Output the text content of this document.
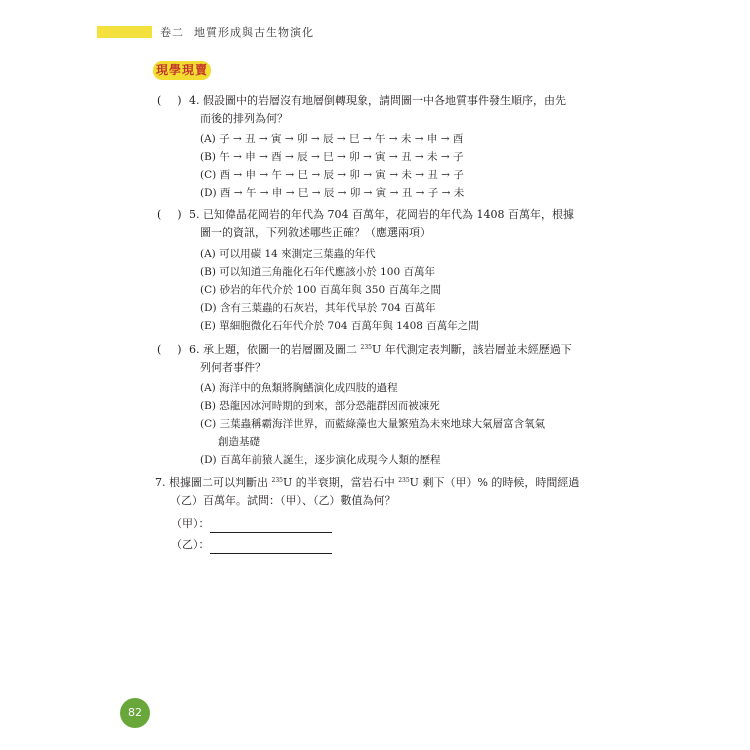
卷二 地質形成與古生物演化
現學現賣
( ) 4. 假設圖中的岩層沒有地層倒轉現象，請問圖一中各地質事件發生順序，由先
而後的排列為何？
(A) 子 → 丑 → 寅 → 卯 → 辰 → 巳 → 午 → 未 → 申 → 酉
(B) 午 → 申 → 酉 → 辰 → 巳 → 卯 → 寅 → 丑 → 未 → 子
(C) 酉 → 申 → 午 → 巳 → 辰 → 卯 → 寅 → 未 → 丑 → 子
(D) 酉 → 午 → 申 → 巳 → 辰 → 卯 → 寅 → 丑 → 子 → 未
( ) 5. 已知偉晶花岡岩的年代為 704 百萬年，花岡岩的年代為 1408 百萬年，根據
圖一的資訊，下列敘述哪些正確？（應選兩項）
(A) 可以用碳 14 來測定三葉蟲的年代
(B) 可以知道三角龍化石年代應該小於 100 百萬年
(C) 砂岩的年代介於 100 百萬年與 350 百萬年之間
(D) 含有三葉蟲的石灰岩，其年代早於 704 百萬年
(E) 單細胞微化石年代介於 704 百萬年與 1408 百萬年之間
( ) 6. 承上題，依圖一的岩層圖及圖二 $^{235}$U 年代測定表判斷，該岩層並未經歷過下
列何者事件？
(A) 海洋中的魚類將胸鰭演化成四肢的過程
(B) 恐龍因冰河時期的到來，部分恐龍群因而被凍死
(C) 三葉蟲稱霸海洋世界，而藍綠藻也大量繁殖為未來地球大氣層富含氧氣
創造基礎
(D) 百萬年前猿人誕生，逐步演化成現今人類的歷程
7. 根據圖二可以判斷出 $^{235}$U 的半衰期，當岩石中 $^{235}$U 剩下（甲）% 的時候，時間經過
（乙）百萬年。試問：（甲）、（乙）數值為何？
（甲）：
（乙）：
82
